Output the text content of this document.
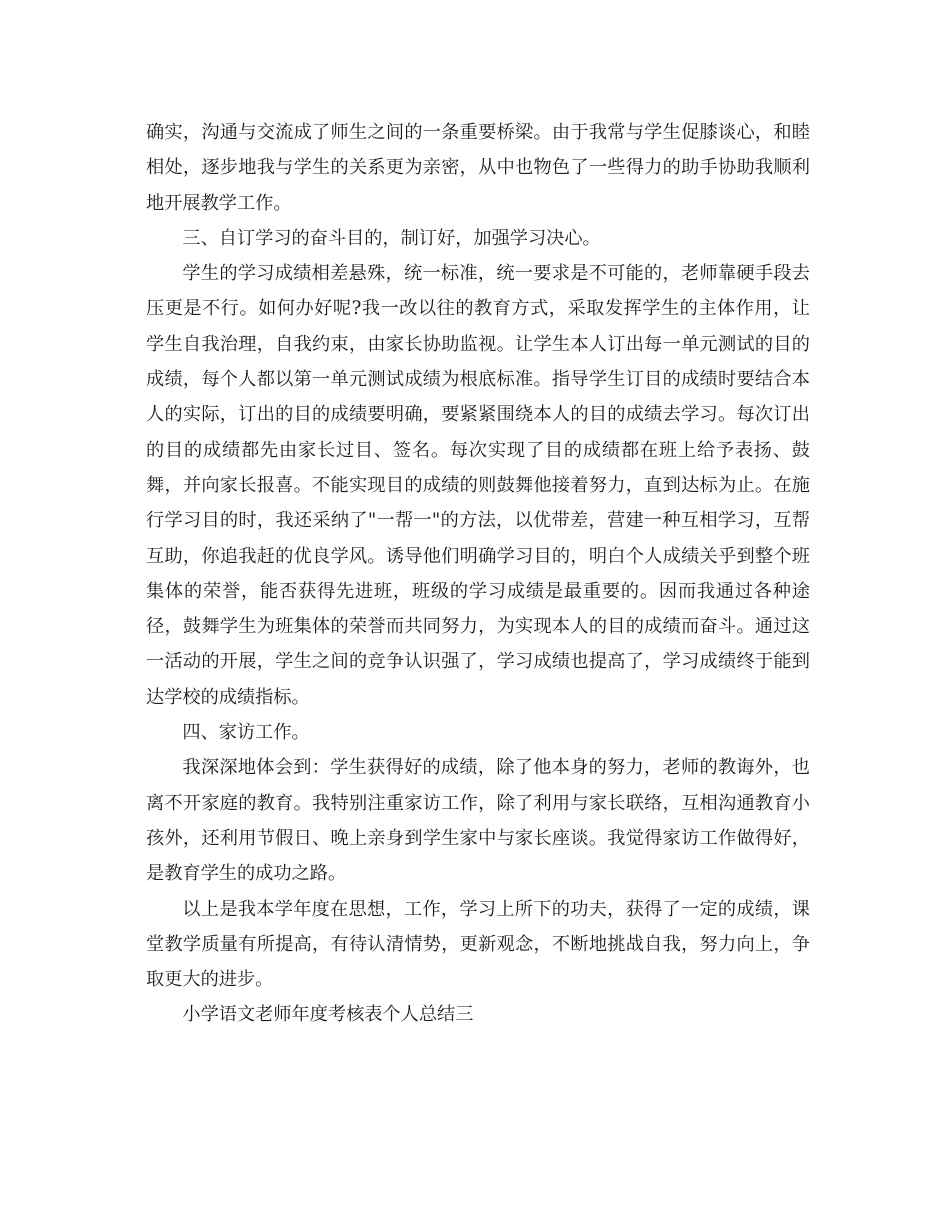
确实，沟通与交流成了师生之间的一条重要桥梁。由于我常与学生促膝谈心，和睦相处，逐步地我与学生的关系更为亲密，从中也物色了一些得力的助手协助我顺利地开展教学工作。

三、自订学习的奋斗目的，制订好，加强学习决心。

学生的学习成绩相差悬殊，统一标准，统一要求是不可能的，老师靠硬手段去压更是不行。如何办好呢?我一改以往的教育方式，采取发挥学生的主体作用，让学生自我治理，自我约束，由家长协助监视。让学生本人订出每一单元测试的目的成绩，每个人都以第一单元测试成绩为根底标准。指导学生订目的成绩时要结合本人的实际，订出的目的成绩要明确，要紧紧围绕本人的目的成绩去学习。每次订出的目的成绩都先由家长过目、签名。每次实现了目的成绩都在班上给予表扬、鼓舞，并向家长报喜。不能实现目的成绩的则鼓舞他接着努力，直到达标为止。在施行学习目的时，我还采纳了"一帮一"的方法，以优带差，营建一种互相学习，互帮互助，你追我赶的优良学风。诱导他们明确学习目的，明白个人成绩关乎到整个班集体的荣誉，能否获得先进班，班级的学习成绩是最重要的。因而我通过各种途径，鼓舞学生为班集体的荣誉而共同努力，为实现本人的目的成绩而奋斗。通过这一活动的开展，学生之间的竞争认识强了，学习成绩也提高了，学习成绩终于能到达学校的成绩指标。

四、家访工作。

我深深地体会到：学生获得好的成绩，除了他本身的努力，老师的教诲外，也离不开家庭的教育。我特别注重家访工作，除了利用与家长联络，互相沟通教育小孩外，还利用节假日、晚上亲身到学生家中与家长座谈。我觉得家访工作做得好，是教育学生的成功之路。

以上是我本学年度在思想，工作，学习上所下的功夫，获得了一定的成绩，课堂教学质量有所提高，有待认清情势，更新观念，不断地挑战自我，努力向上，争取更大的进步。

小学语文老师年度考核表个人总结三
